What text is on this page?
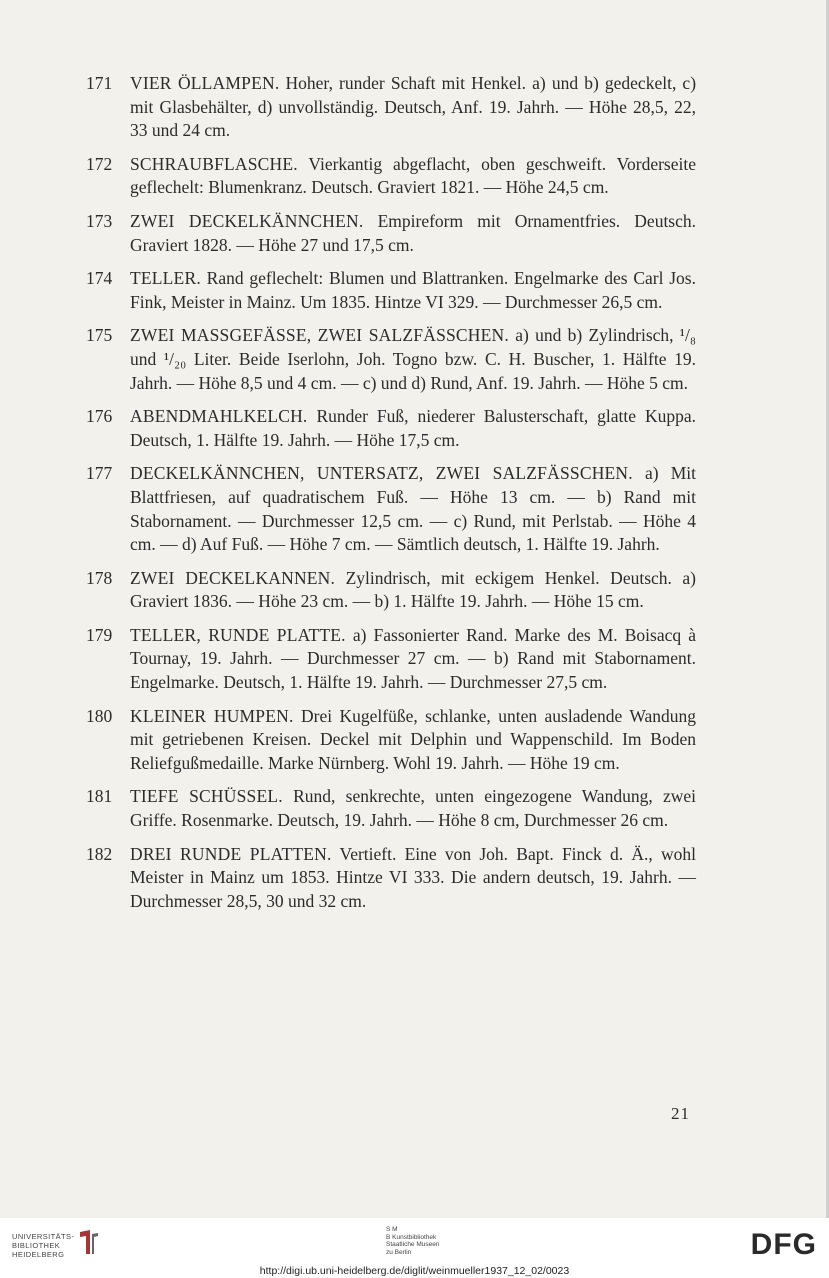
171	VIER ÖLLAMPEN. Hoher, runder Schaft mit Henkel. a) und b) gedeckelt, c) mit Glasbehälter, d) unvollständig. Deutsch, Anf. 19. Jahrh. — Höhe 28,5, 22, 33 und 24 cm.
172	SCHRAUBFLASCHE. Vierkantig abgeflacht, oben geschweift. Vorderseite geflechelt: Blumenkranz. Deutsch. Graviert 1821. — Höhe 24,5 cm.
173	ZWEI DECKELKÄNNCHEN. Empireform mit Ornamentfries. Deutsch. Graviert 1828. — Höhe 27 und 17,5 cm.
174	TELLER. Rand geflechelt: Blumen und Blattranken. Engelmarke des Carl Jos. Fink, Meister in Mainz. Um 1835. Hintze VI 329. — Durchmesser 26,5 cm.
175	ZWEI MASSGEFÄSSE, ZWEI SALZFÄSSCHEN. a) und b) Zylindrisch, ¹/₈ und ¹/₂₀ Liter. Beide Iserlohn, Joh. Togno bzw. C. H. Buscher, 1. Hälfte 19. Jahrh. — Höhe 8,5 und 4 cm. — c) und d) Rund, Anf. 19. Jahrh. — Höhe 5 cm.
176	ABENDMAHLKELCH. Runder Fuß, niederer Balusterschaft, glatte Kuppa. Deutsch, 1. Hälfte 19. Jahrh. — Höhe 17,5 cm.
177	DECKELKÄNNCHEN, UNTERSATZ, ZWEI SALZFÄSSCHEN. a) Mit Blattfriesen, auf quadratischem Fuß. — Höhe 13 cm. — b) Rand mit Stabornament. — Durchmesser 12,5 cm. — c) Rund, mit Perlstab. — Höhe 4 cm. — d) Auf Fuß. — Höhe 7 cm. — Sämtlich deutsch, 1. Hälfte 19. Jahrh.
178	ZWEI DECKELKANNEN. Zylindrisch, mit eckigem Henkel. Deutsch. a) Graviert 1836. — Höhe 23 cm. — b) 1. Hälfte 19. Jahrh. — Höhe 15 cm.
179	TELLER, RUNDE PLATTE. a) Fassonierter Rand. Marke des M. Boisacq à Tournay, 19. Jahrh. — Durchmesser 27 cm. — b) Rand mit Stabornament. Engelmarke. Deutsch, 1. Hälfte 19. Jahrh. — Durchmesser 27,5 cm.
180	KLEINER HUMPEN. Drei Kugelfüße, schlanke, unten ausladende Wandung mit getriebenen Kreisen. Deckel mit Delphin und Wappenschild. Im Boden Reliefgußmedaille. Marke Nürnberg. Wohl 19. Jahrh. — Höhe 19 cm.
181	TIEFE SCHÜSSEL. Rund, senkrechte, unten eingezogene Wandung, zwei Griffe. Rosenmarke. Deutsch, 19. Jahrh. — Höhe 8 cm, Durchmesser 26 cm.
182	DREI RUNDE PLATTEN. Vertieft. Eine von Joh. Bapt. Finck d. Ä., wohl Meister in Mainz um 1853. Hintze VI 333. Die andern deutsch, 19. Jahrh. — Durchmesser 28,5, 30 und 32 cm.
21
UNIVERSITÄTS-
BIBLIOTHEK
HEIDELBERG
S M
B Kunstbibliothek
Staatliche Museen
zu Berlin	DFG
http://digi.ub.uni-heidelberg.de/diglit/weinmueller1937_12_02/0023
